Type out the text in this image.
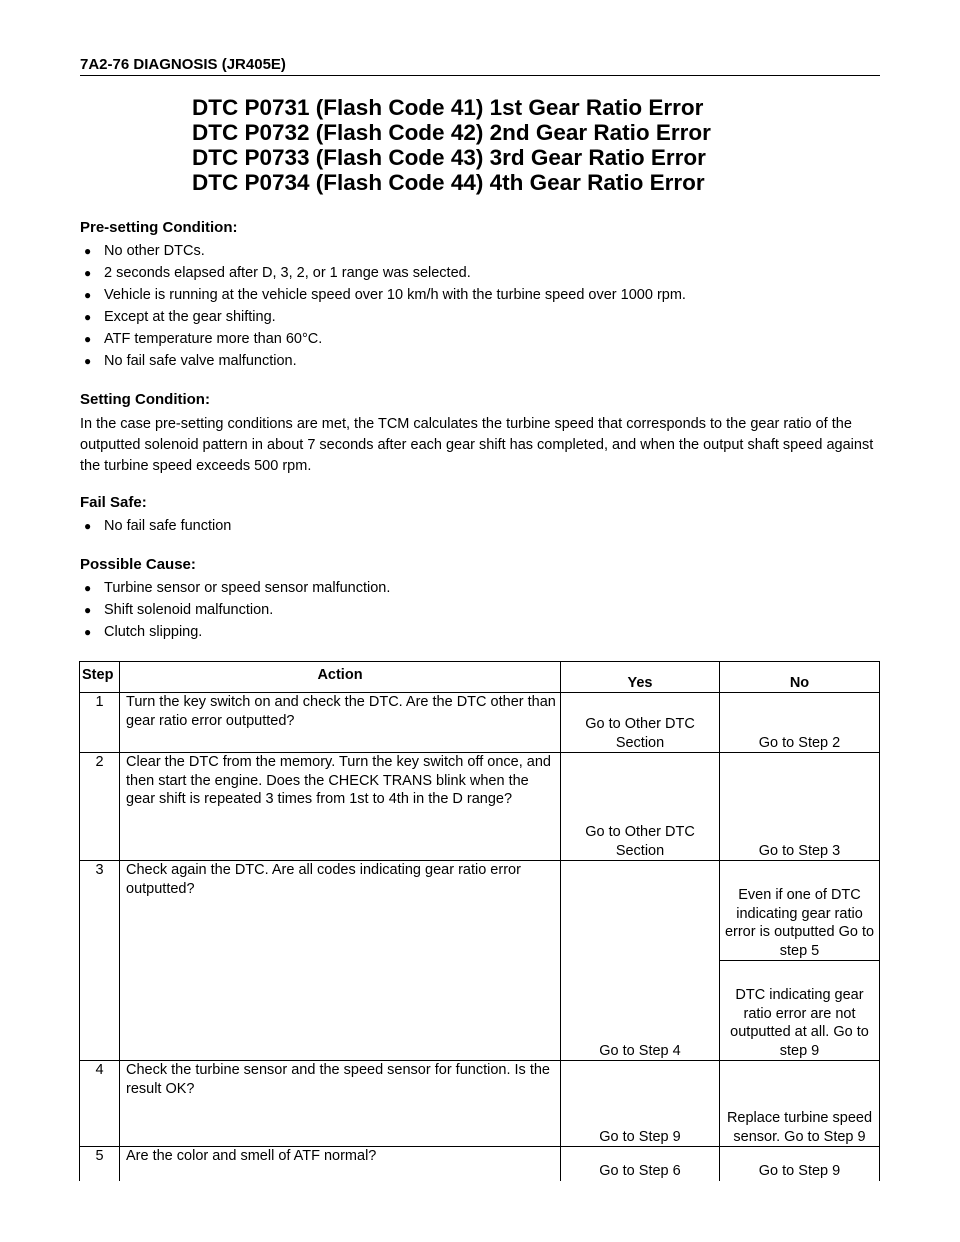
7A2-76 DIAGNOSIS (JR405E)
DTC P0731 (Flash Code 41) 1st Gear Ratio Error
DTC P0732 (Flash Code 42) 2nd Gear Ratio Error
DTC P0733 (Flash Code 43) 3rd Gear Ratio Error
DTC P0734 (Flash Code 44) 4th Gear Ratio Error
Pre-setting Condition:
● No other DTCs.
● 2 seconds elapsed after D, 3, 2, or 1 range was selected.
● Vehicle is running at the vehicle speed over 10 km/h with the turbine speed over 1000 rpm.
● Except at the gear shifting.
● ATF temperature more than 60°C.
● No fail safe valve malfunction.
Setting Condition:
In the case pre-setting conditions are met, the TCM calculates the turbine speed that corresponds to the gear ratio of the outputted solenoid pattern in about 7 seconds after each gear shift has completed, and when the output shaft speed against the turbine speed exceeds 500 rpm.
Fail Safe:
● No fail safe function
Possible Cause:
● Turbine sensor or speed sensor malfunction.
● Shift solenoid malfunction.
● Clutch slipping.
Step	Action	Yes	No
1	Turn the key switch on and check the DTC. Are the DTC other than gear ratio error outputted?	Go to Other DTC Section	Go to Step 2
2	Clear the DTC from the memory. Turn the key switch off once, and then start the engine. Does the CHECK TRANS blink when the gear shift is repeated 3 times from 1st to 4th in the D range?	Go to Other DTC Section	Go to Step 3
3	Check again the DTC. Are all codes indicating gear ratio error outputted?	Go to Step 4	Even if one of DTC indicating gear ratio error is outputted Go to step 5
			DTC indicating gear ratio error are not outputted at all. Go to step 9
4	Check the turbine sensor and the speed sensor for function. Is the result OK?	Go to Step 9	Replace turbine speed sensor. Go to Step 9
5	Are the color and smell of ATF normal?	Go to Step 6	Go to Step 9
